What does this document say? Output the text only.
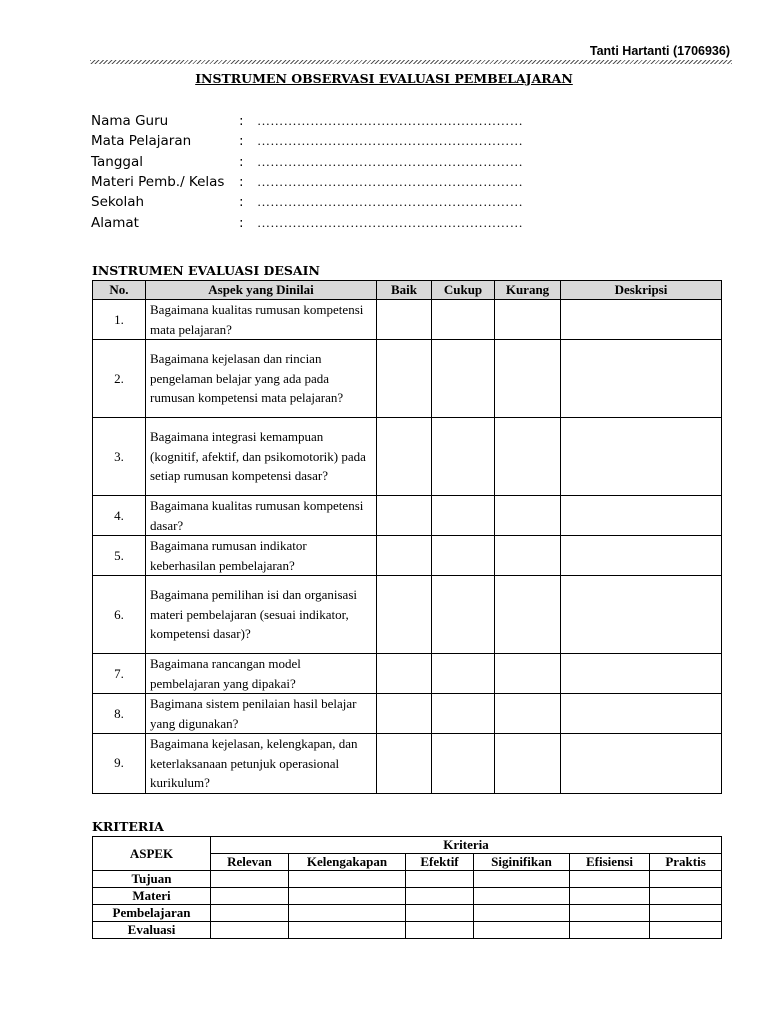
Tanti Hartanti (1706936)
INSTRUMEN OBSERVASI EVALUASI PEMBELAJARAN
Nama Guru	:	……………………………………………………
Mata Pelajaran	:	……………………………………………………
Tanggal	:	……………………………………………………
Materi Pemb./ Kelas	:	……………………………………………………
Sekolah	:	……………………………………………………
Alamat	:	……………………………………………………
INSTRUMEN EVALUASI DESAIN
No.	Aspek yang Dinilai	Baik	Cukup	Kurang	Deskripsi
1.	Bagaimana kualitas rumusan kompetensi mata pelajaran?				
2.	Bagaimana kejelasan dan rincian pengelaman belajar yang ada pada rumusan kompetensi mata pelajaran?				
3.	Bagaimana integrasi kemampuan (kognitif, afektif, dan psikomotorik) pada setiap rumusan kompetensi dasar?				
4.	Bagaimana kualitas rumusan kompetensi dasar?				
5.	Bagaimana rumusan indikator keberhasilan pembelajaran?				
6.	Bagaimana pemilihan isi dan organisasi materi pembelajaran (sesuai indikator, kompetensi dasar)?				
7.	Bagaimana rancangan model pembelajaran yang dipakai?				
8.	Bagimana sistem penilaian hasil belajar yang digunakan?				
9.	Bagaimana kejelasan, kelengkapan, dan keterlaksanaan petunjuk operasional kurikulum?				
KRITERIA
ASPEK	Kriteria					
	Relevan	Kelengakapan	Efektif	Siginifikan	Efisiensi	Praktis
Tujuan						
Materi						
Pembelajaran						
Evaluasi						
